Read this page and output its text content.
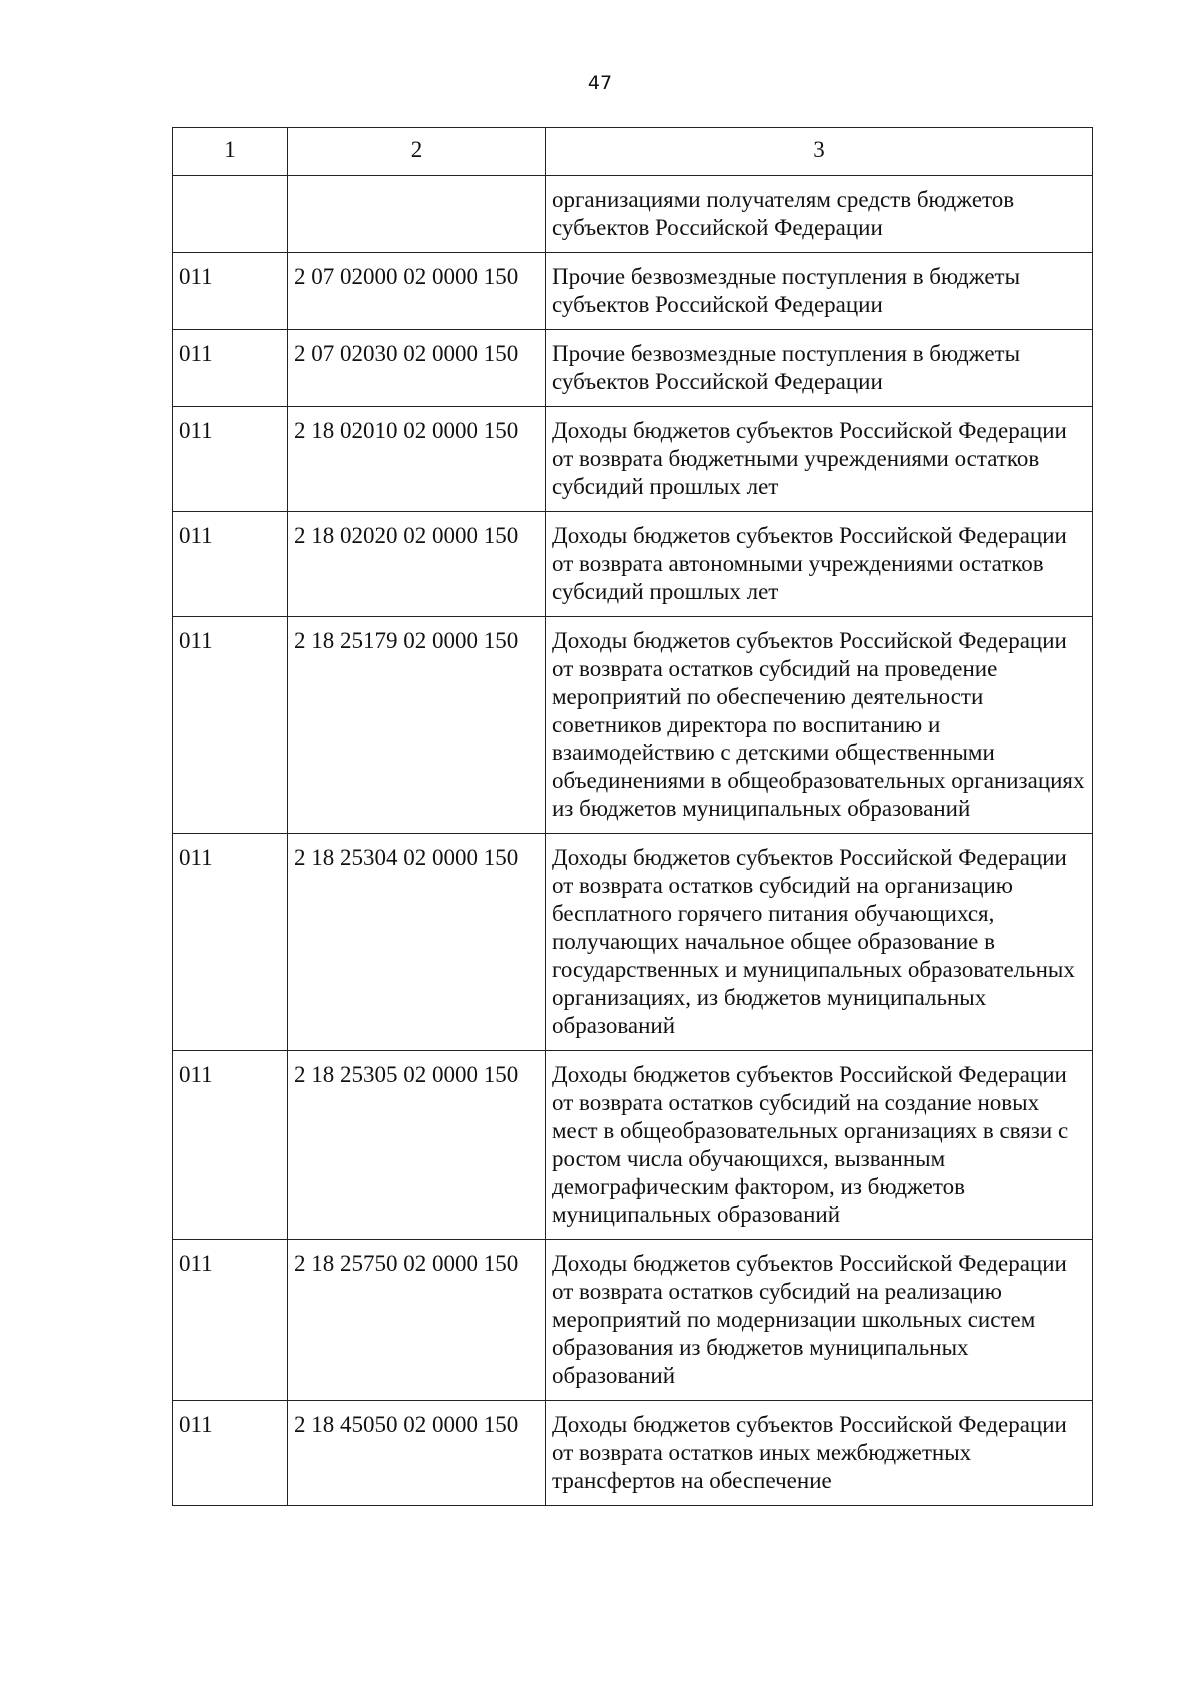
47
1	2	3
		организациями получателям средств бюджетов субъектов Российской Федерации
011	2 07 02000 02 0000 150	Прочие безвозмездные поступления в бюджеты субъектов Российской Федерации
011	2 07 02030 02 0000 150	Прочие безвозмездные поступления в бюджеты субъектов Российской Федерации
011	2 18 02010 02 0000 150	Доходы бюджетов субъектов Российской Федерации от возврата бюджетными учреждениями остатков субсидий прошлых лет
011	2 18 02020 02 0000 150	Доходы бюджетов субъектов Российской Федерации от возврата автономными учреждениями остатков субсидий прошлых лет
011	2 18 25179 02 0000 150	Доходы бюджетов субъектов Российской Федерации от возврата остатков субсидий на проведение мероприятий по обеспечению деятельности советников директора по воспитанию и взаимодействию с детскими общественными объединениями в общеобразовательных организациях из бюджетов муниципальных образований
011	2 18 25304 02 0000 150	Доходы бюджетов субъектов Российской Федерации от возврата остатков субсидий на организацию бесплатного горячего питания обучающихся, получающих начальное общее образование в государственных и муниципальных образовательных организациях, из бюджетов муниципальных образований
011	2 18 25305 02 0000 150	Доходы бюджетов субъектов Российской Федерации от возврата остатков субсидий на создание новых мест в общеобразовательных организациях в связи с ростом числа обучающихся, вызванным демографическим фактором, из бюджетов муниципальных образований
011	2 18 25750 02 0000 150	Доходы бюджетов субъектов Российской Федерации от возврата остатков субсидий на реализацию мероприятий по модернизации школьных систем образования из бюджетов муниципальных образований
011	2 18 45050 02 0000 150	Доходы бюджетов субъектов Российской Федерации от возврата остатков иных межбюджетных трансфертов на обеспечение
